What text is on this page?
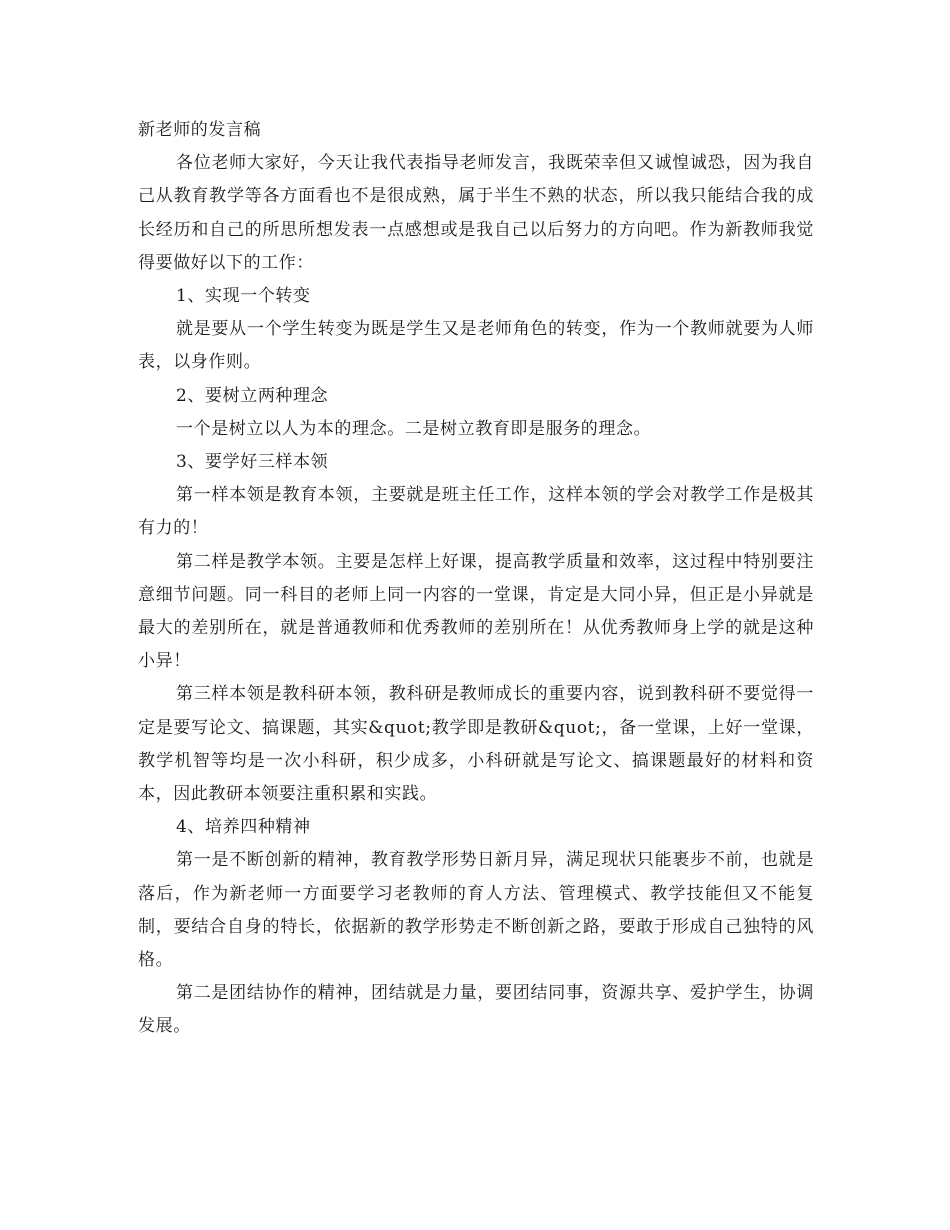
新老师的发言稿

各位老师大家好，今天让我代表指导老师发言，我既荣幸但又诚惶诚恐，因为我自己从教育教学等各方面看也不是很成熟，属于半生不熟的状态，所以我只能结合我的成长经历和自己的所思所想发表一点感想或是我自己以后努力的方向吧。作为新教师我觉得要做好以下的工作：

1、实现一个转变

就是要从一个学生转变为既是学生又是老师角色的转变，作为一个教师就要为人师表，以身作则。

2、要树立两种理念

一个是树立以人为本的理念。二是树立教育即是服务的理念。

3、要学好三样本领

第一样本领是教育本领，主要就是班主任工作，这样本领的学会对教学工作是极其有力的！

第二样是教学本领。主要是怎样上好课，提高教学质量和效率，这过程中特别要注意细节问题。同一科目的老师上同一内容的一堂课，肯定是大同小异，但正是小异就是最大的差别所在，就是普通教师和优秀教师的差别所在！从优秀教师身上学的就是这种小异！

第三样本领是教科研本领，教科研是教师成长的重要内容，说到教科研不要觉得一定是要写论文、搞课题，其实&quot;教学即是教研&quot;，备一堂课，上好一堂课，教学机智等均是一次小科研，积少成多，小科研就是写论文、搞课题最好的材料和资本，因此教研本领要注重积累和实践。

4、培养四种精神

第一是不断创新的精神，教育教学形势日新月异，满足现状只能裹步不前，也就是落后，作为新老师一方面要学习老教师的育人方法、管理模式、教学技能但又不能复制，要结合自身的特长，依据新的教学形势走不断创新之路，要敢于形成自己独特的风格。

第二是团结协作的精神，团结就是力量，要团结同事，资源共享、爱护学生，协调发展。
